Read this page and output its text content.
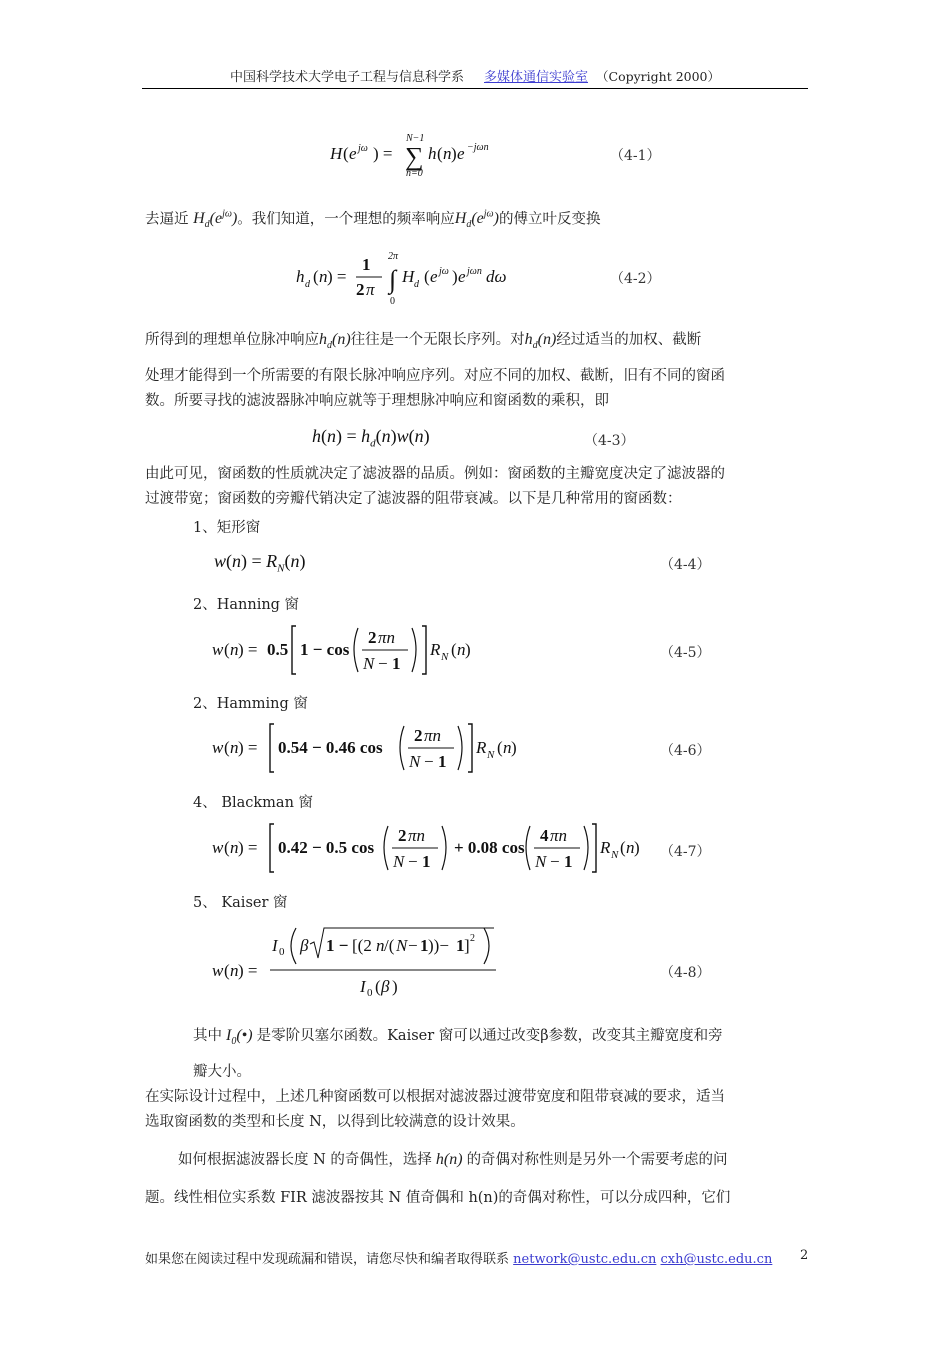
中国科学技术大学电子工程与信息科学系 多媒体通信实验室 （Copyright 2000）
H ( e jω ) = ∑
N−1
n=0
h ( n ) e −jωn
（4-1）
去逼近 $H_d(e^{j\omega})$。我们知道，一个理想的频率响应$H_d(e^{j\omega})$的傅立叶反变换
h d ( n ) =
1
2 π
2π
∫
0
H d ( e jω ) e jωn dω	（4-2）
所得到的理想单位脉冲响应$h_d(n)$往往是一个无限长序列。对$h_d(n)$经过适当的加权、截断
处理才能得到一个所需要的有限长脉冲响应序列。对应不同的加权、截断，旧有不同的窗函
数。所要寻找的滤波器脉冲响应就等于理想脉冲响应和窗函数的乘积，即
$h(n) = h_d(n)w(n)$	（4-3）
由此可见，窗函数的性质就决定了滤波器的品质。例如：窗函数的主瓣宽度决定了滤波器的
过渡带宽；窗函数的旁瓣代销决定了滤波器的阻带衰减。以下是几种常用的窗函数：
1、矩形窗
$w(n) = R_N(n)$	（4-4）
2、Hanning 窗
w ( n ) = 0.5 1 − cos
2 πn
N − 1
R N ( n )	（4-5）
2、Hamming 窗
w ( n ) = 0.54 − 0.46 cos
2 πn
N − 1
R N ( n )	（4-6）
4、 Blackman 窗
w ( n ) = 0.42 − 0.5 cos
2 πn
N − 1
+ 0.08 cos
4 πn
N − 1
R N ( n ) （4-7）
5、 Kaiser 窗
w ( n ) =
I 0 β 1 − [(2 n /( N − 1 ))− 1 ] 2
I 0 ( β )
（4-8）
其中 $I_0(•)$ 是零阶贝塞尔函数。Kaiser 窗可以通过改变β参数，改变其主瓣宽度和旁
瓣大小。
在实际设计过程中，上述几种窗函数可以根据对滤波器过渡带宽度和阻带衰减的要求，适当
选取窗函数的类型和长度 N，以得到比较满意的设计效果。
如何根据滤波器长度 N 的奇偶性，选择 h(n) 的奇偶对称性则是另外一个需要考虑的问
题。线性相位实系数 FIR 滤波器按其 N 值奇偶和 h(n)的奇偶对称性，可以分成四种，它们
如果您在阅读过程中发现疏漏和错误，请您尽快和编者取得联系 network@ustc.edu.cn cxh@ustc.edu.cn 2
